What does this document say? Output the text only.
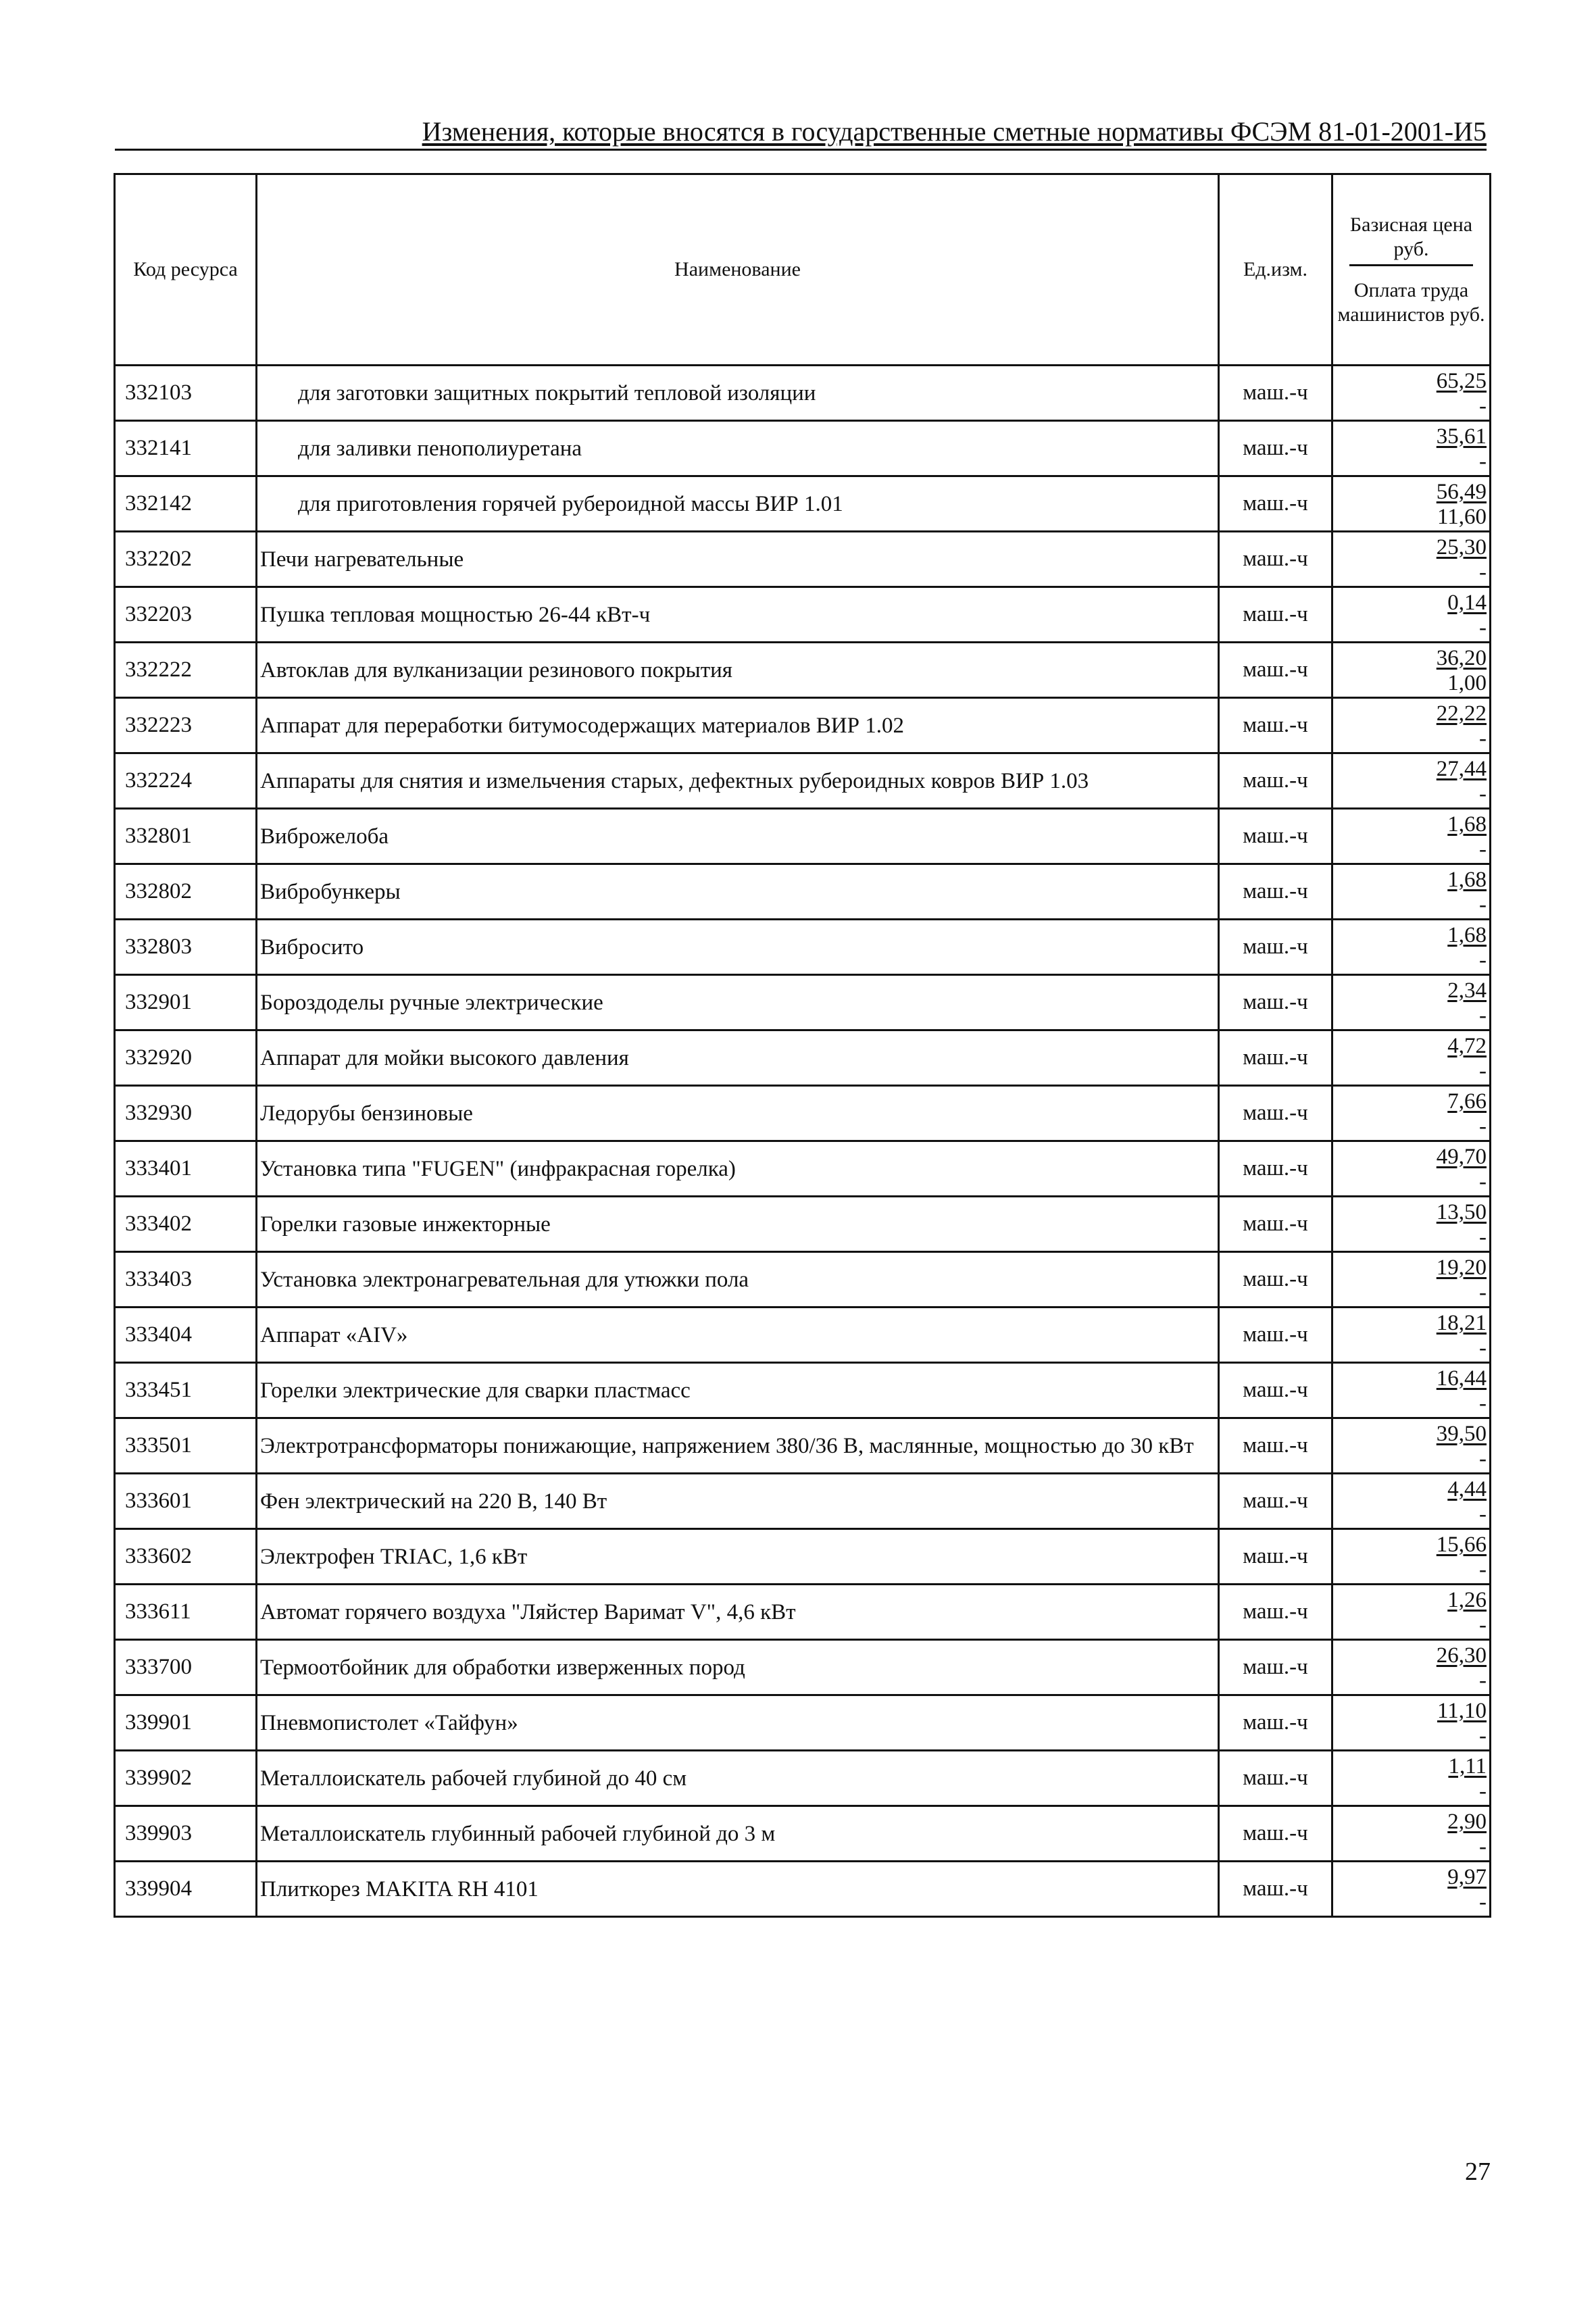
Изменения, которые вносятся в государственные сметные нормативы ФСЭМ 81-01-2001-И5
Код ресурса	Наименование	Ед.изм.	Базисная цена руб.
Оплата труда машинистов руб.
332103	для заготовки защитных покрытий тепловой изоляции	маш.-ч	65,25
-

332141	для заливки пенополиуретана	маш.-ч	35,61
-

332142	для приготовления горячей рубероидной массы ВИР 1.01	маш.-ч	56,49
11,60

332202	Печи нагревательные	маш.-ч	25,30
-

332203	Пушка тепловая мощностью 26-44 кВт-ч	маш.-ч	0,14
-

332222	Автоклав для вулканизации резинового покрытия	маш.-ч	36,20
1,00

332223	Аппарат для переработки битумосодержащих материалов ВИР 1.02	маш.-ч	22,22
-

332224	Аппараты для снятия и измельчения старых, дефектных рубероидных ковров ВИР 1.03	маш.-ч	27,44
-

332801	Виброжелоба	маш.-ч	1,68
-

332802	Вибробункеры	маш.-ч	1,68
-

332803	Вибросито	маш.-ч	1,68
-

332901	Бороздоделы ручные электрические	маш.-ч	2,34
-

332920	Аппарат для мойки высокого давления	маш.-ч	4,72
-

332930	Ледорубы бензиновые	маш.-ч	7,66
-

333401	Установка типа "FUGEN" (инфракрасная горелка)	маш.-ч	49,70
-

333402	Горелки газовые инжекторные	маш.-ч	13,50
-

333403	Установка электронагревательная для утюжки пола	маш.-ч	19,20
-

333404	Аппарат «AIV»	маш.-ч	18,21
-

333451	Горелки электрические для сварки пластмасс	маш.-ч	16,44
-

333501	Электротрансформаторы понижающие, напряжением 380/36 В, маслянные, мощностью до 30 кВт	маш.-ч	39,50
-

333601	Фен электрический на 220 В, 140 Вт	маш.-ч	4,44
-

333602	Электрофен TRIAC, 1,6 кВт	маш.-ч	15,66
-

333611	Автомат горячего воздуха "Ляйстер Варимат V", 4,6 кВт	маш.-ч	1,26
-

333700	Термоотбойник для обработки изверженных пород	маш.-ч	26,30
-

339901	Пневмопистолет «Тайфун»	маш.-ч	11,10
-

339902	Металлоискатель рабочей глубиной до 40 см	маш.-ч	1,11
-

339903	Металлоискатель глубинный рабочей глубиной до 3 м	маш.-ч	2,90
-

339904	Плиткорез MAKITA RH 4101	маш.-ч	9,97
-
27
